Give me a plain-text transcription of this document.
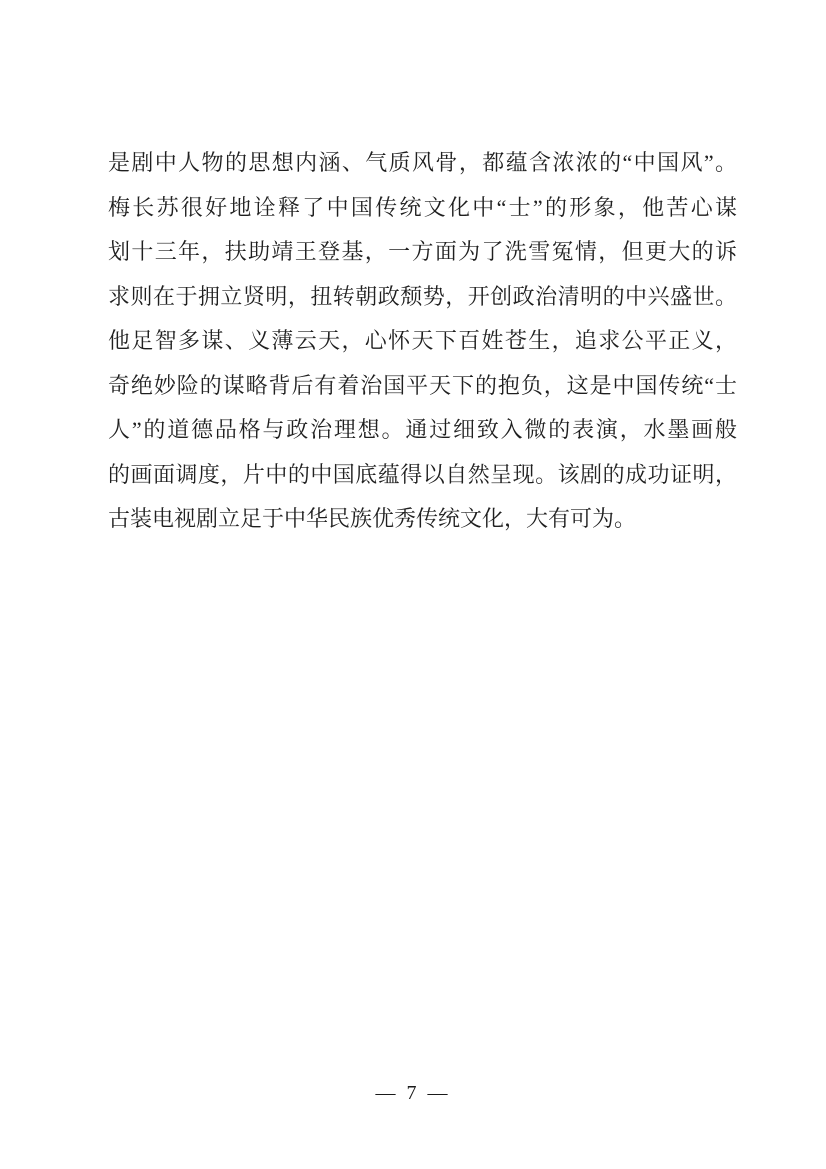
是剧中人物的思想内涵、气质风骨，都蕴含浓浓的“中国风”。
梅长苏很好地诠释了中国传统文化中“士”的形象，他苦心谋
划十三年，扶助靖王登基，一方面为了洗雪冤情，但更大的诉
求则在于拥立贤明，扭转朝政颓势，开创政治清明的中兴盛世。
他足智多谋、义薄云天，心怀天下百姓苍生，追求公平正义，
奇绝妙险的谋略背后有着治国平天下的抱负，这是中国传统“士
人”的道德品格与政治理想。通过细致入微的表演，水墨画般
的画面调度，片中的中国底蕴得以自然呈现。该剧的成功证明，
古装电视剧立足于中华民族优秀传统文化，大有可为。
— 7 —
